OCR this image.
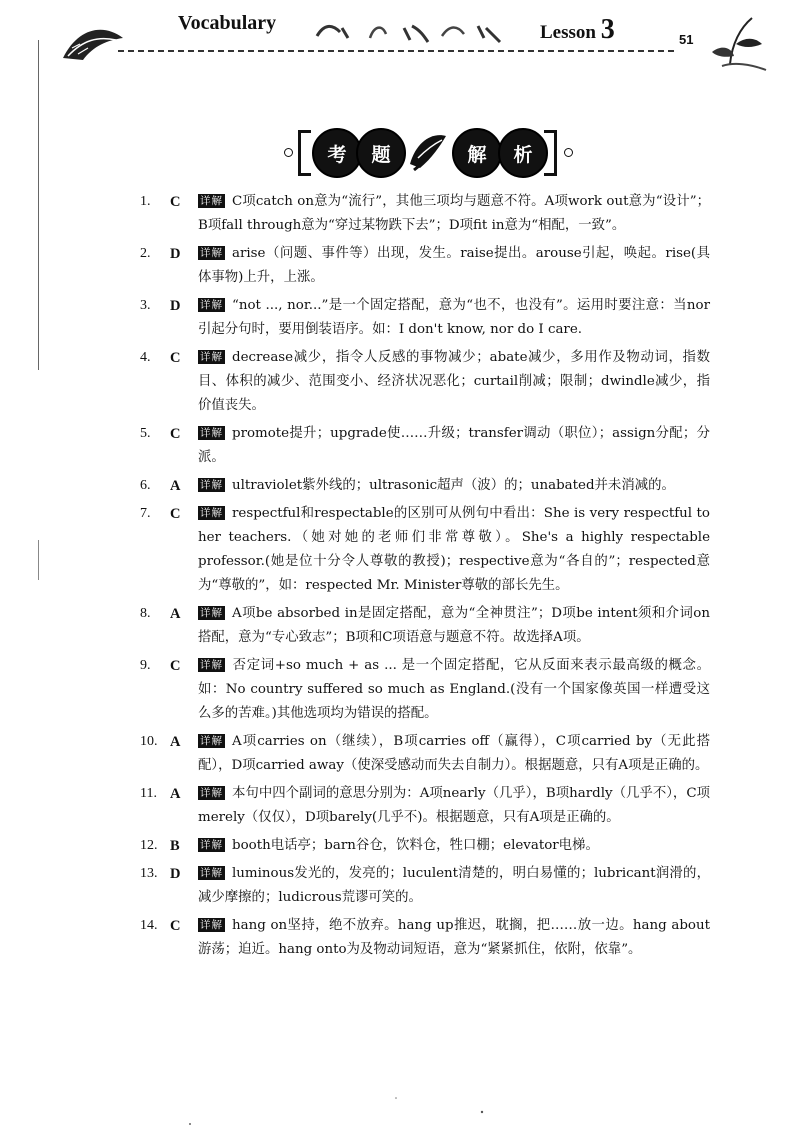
Vocabulary	Lesson 3	51
考	题	解	析
1.	C	详解 C项catch on意为“流行”，其他三项均与题意不符。A项work out意为“设计”；B项fall through意为“穿过某物跌下去”；D项fit in意为“相配，一致”。
2.	D	详解 arise（问题、事件等）出现，发生。raise提出。arouse引起，唤起。rise(具体事物)上升，上涨。
3.	D	详解 “not ..., nor...”是一个固定搭配，意为“也不，也没有”。运用时要注意：当nor引起分句时，要用倒装语序。如：I don't know, nor do I care.
4.	C	详解 decrease减少，指令人反感的事物减少；abate减少，多用作及物动词，指数目、体积的减少、范围变小、经济状况恶化；curtail削减；限制；dwindle减少，指价值丧失。
5.	C	详解 promote提升；upgrade使……升级；transfer调动（职位）；assign分配；分派。
6.	A	详解 ultraviolet紫外线的；ultrasonic超声（波）的；unabated并未消减的。
7.	C	详解 respectful和respectable的区别可从例句中看出：She is very respectful to her teachers.（她对她的老师们非常尊敬）。She's a highly respectable professor.(她是位十分令人尊敬的教授)；respective意为“各自的”；respected意为“尊敬的”，如：respected Mr. Minister尊敬的部长先生。
8.	A	详解 A项be absorbed in是固定搭配，意为“全神贯注”；D项be intent须和介词on搭配，意为“专心致志”；B项和C项语意与题意不符。故选择A项。
9.	C	详解 否定词+so much + as ... 是一个固定搭配，它从反面来表示最高级的概念。如：No country suffered so much as England.(没有一个国家像英国一样遭受这么多的苦难。)其他选项均为错误的搭配。
10. A	详解 A项carries on（继续），B项carries off（赢得），C项carried by（无此搭配），D项carried away（使深受感动而失去自制力）。根据题意，只有A项是正确的。
11. A	详解 本句中四个副词的意思分别为：A项nearly（几乎），B项hardly（几乎不），C项merely（仅仅），D项barely(几乎不)。根据题意，只有A项是正确的。
12. B	详解 booth电话亭；barn谷仓，饮料仓，牲口棚；elevator电梯。
13. D	详解 luminous发光的，发亮的；luculent清楚的，明白易懂的；lubricant润滑的，减少摩擦的；ludicrous荒谬可笑的。
14. C	详解 hang on坚持，绝不放弃。hang up推迟，耽搁，把……放一边。hang about游荡；迫近。hang onto为及物动词短语，意为“紧紧抓住，依附，依靠”。
